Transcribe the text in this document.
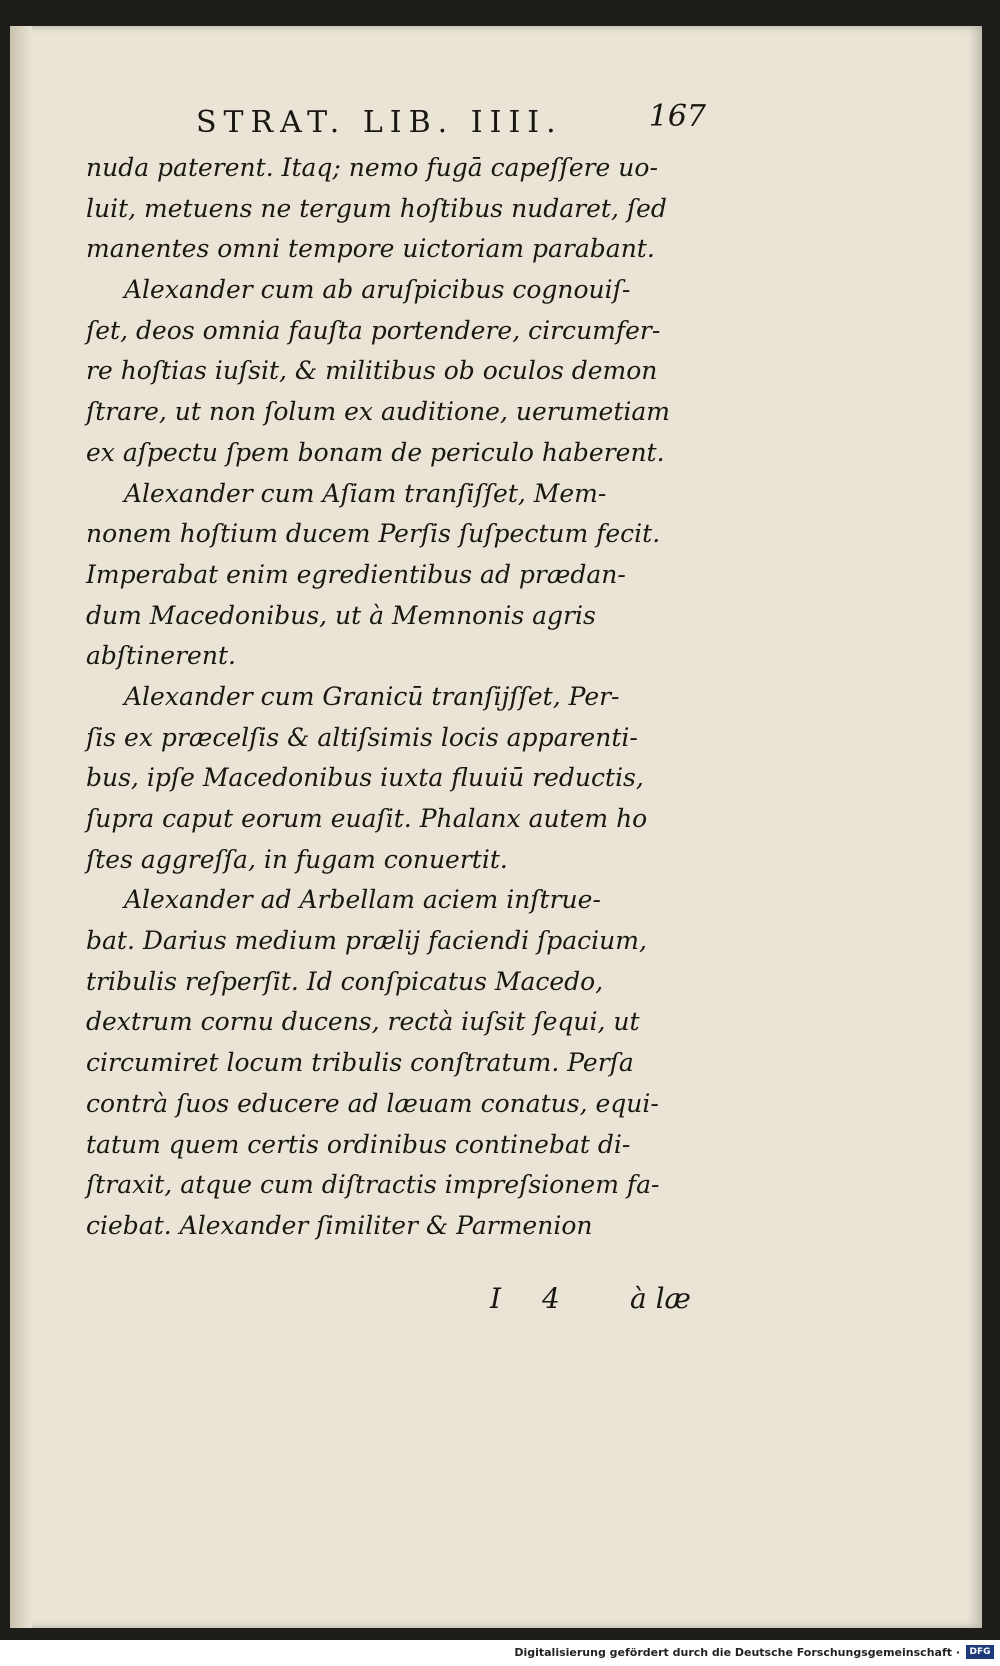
STRAT. LIB. IIII.	167
nuda paterent. Itaq; nemo fugā capeſſere uo-
luit, metuens ne tergum hoſtibus nudaret, ſed
manentes omni tempore uictoriam parabant.
Alexander cum ab aruſpicibus cognouiſ-
ſet, deos omnia fauſta portendere, circumfer-
re hoſtias iuſsit, & militibus ob oculos demon
ſtrare, ut non ſolum ex auditione, uerumetiam
ex aſpectu ſpem bonam de periculo haberent.
Alexander cum Aſiam tranſiſſet, Mem-
nonem hoſtium ducem Perſis ſuſpectum fecit.
Imperabat enim egredientibus ad prædan-
dum Macedonibus, ut à Memnonis agris
abſtinerent.
Alexander cum Granicū tranſijſſet, Per-
ſis ex præcelſis & altiſsimis locis apparenti-
bus, ipſe Macedonibus iuxta fluuiū reductis,
ſupra caput eorum euaſit. Phalanx autem ho
ſtes aggreſſa, in fugam conuertit.
Alexander ad Arbellam aciem inſtrue-
bat. Darius medium prælij faciendi ſpacium,
tribulis reſperſit. Id conſpicatus Macedo,
dextrum cornu ducens, rectà iuſsit ſequi, ut
circumiret locum tribulis conſtratum. Perſa
contrà ſuos educere ad læuam conatus, equi-
tatum quem certis ordinibus continebat di-
ſtraxit, atque cum diſtractis impreſsionem fa-
ciebat. Alexander ſimiliter & Parmenion
I 4	à læ
Digitalisierung gefördert durch die Deutsche Forschungsgemeinschaft ·	DFG
